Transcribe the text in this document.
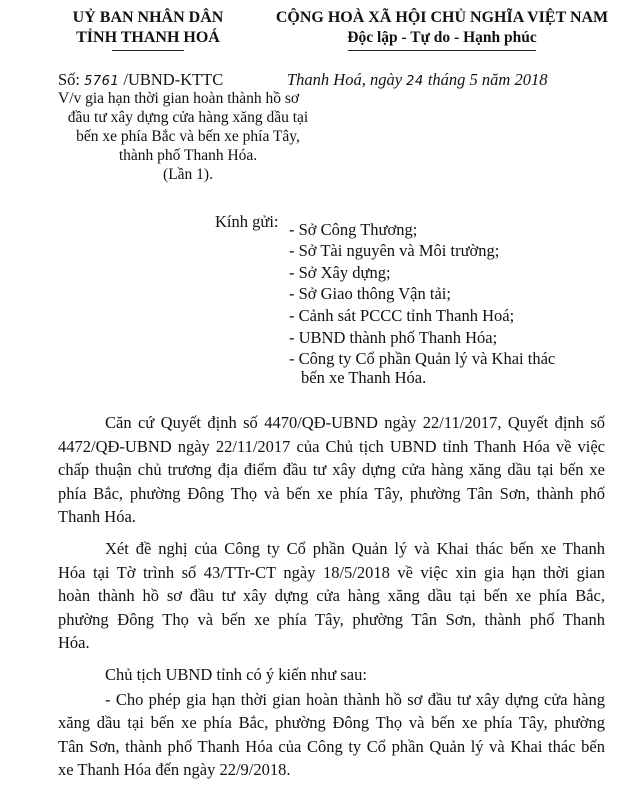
UỶ BAN NHÂN DÂN
TỈNH THANH HOÁ
CỘNG HOÀ XÃ HỘI CHỦ NGHĨA VIỆT NAM
Độc lập - Tự do - Hạnh phúc
Số: 5761 /UBND-KTTC	Thanh Hoá, ngày 24 tháng 5 năm 2018
V/v gia hạn thời gian hoàn thành hồ sơ
đầu tư xây dựng cửa hàng xăng dầu tại
bến xe phía Bắc và bến xe phía Tây,
thành phố Thanh Hóa.
(Lần 1).
Kính gửi: - Sở Công Thương;
- Sở Tài nguyên và Môi trường;
- Sở Xây dựng;
- Sở Giao thông Vận tải;
- Cảnh sát PCCC tỉnh Thanh Hoá;
- UBND thành phố Thanh Hóa;
- Công ty Cổ phần Quản lý và Khai thác
bến xe Thanh Hóa.
Căn cứ Quyết định số 4470/QĐ-UBND ngày 22/11/2017, Quyết định số
4472/QĐ-UBND ngày 22/11/2017 của Chủ tịch UBND tỉnh Thanh Hóa về việc
chấp thuận chủ trương địa điểm đầu tư xây dựng cửa hàng xăng dầu tại bến xe
phía Bắc, phường Đông Thọ và bến xe phía Tây, phường Tân Sơn, thành phố
Thanh Hóa.
Xét đề nghị của Công ty Cổ phần Quản lý và Khai thác bến xe Thanh
Hóa tại Tờ trình số 43/TTr-CT ngày 18/5/2018 về việc xin gia hạn thời gian
hoàn thành hồ sơ đầu tư xây dựng cửa hàng xăng dầu tại bến xe phía Bắc,
phường Đông Thọ và bến xe phía Tây, phường Tân Sơn, thành phố Thanh
Hóa.
Chủ tịch UBND tỉnh có ý kiến như sau:
- Cho phép gia hạn thời gian hoàn thành hồ sơ đầu tư xây dựng cửa hàng
xăng dầu tại bến xe phía Bắc, phường Đông Thọ và bến xe phía Tây, phường
Tân Sơn, thành phố Thanh Hóa của Công ty Cổ phần Quản lý và Khai thác bến
xe Thanh Hóa đến ngày 22/9/2018.
